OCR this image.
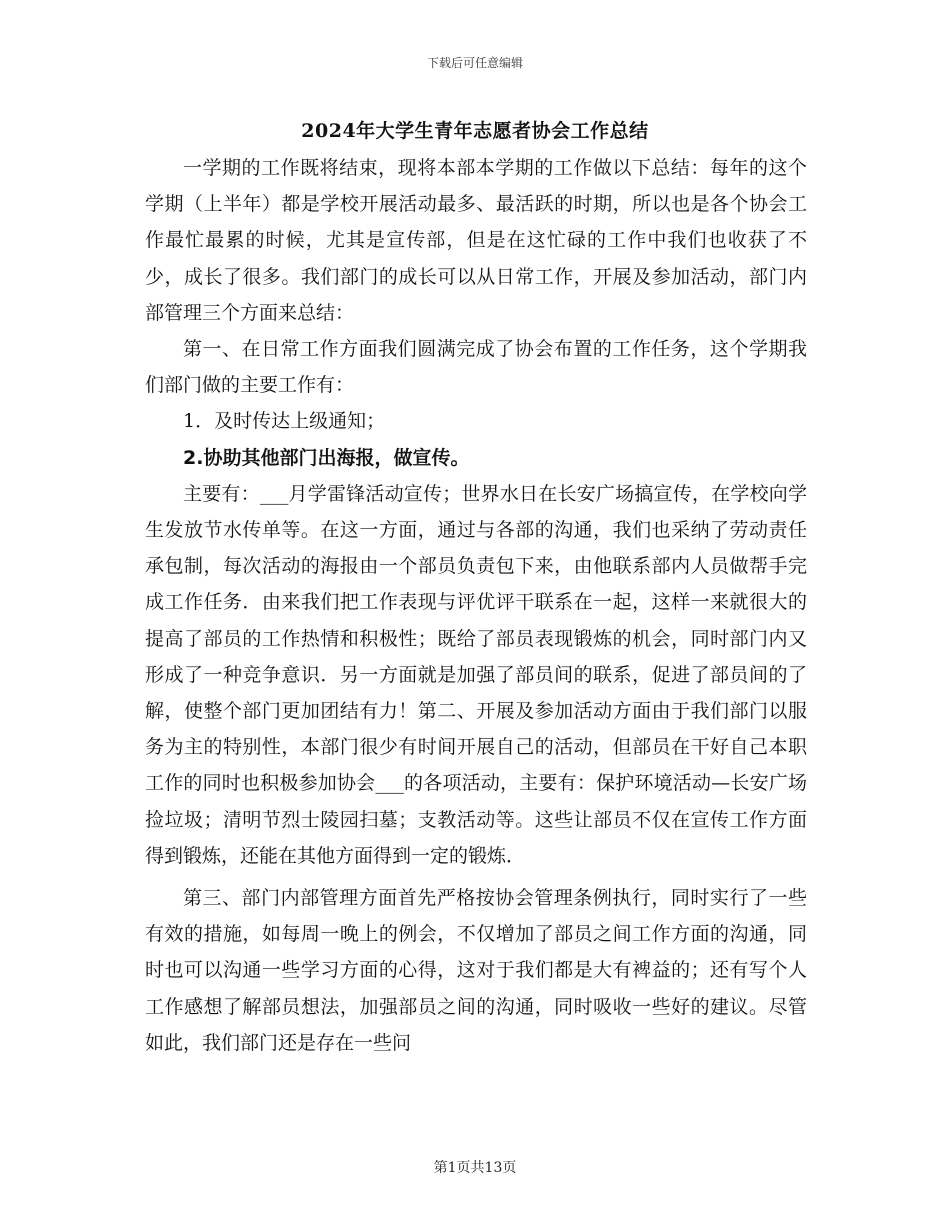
下载后可任意编辑
2024年大学生青年志愿者协会工作总结

一学期的工作既将结束，现将本部本学期的工作做以下总结：每年的这个学期（上半年）都是学校开展活动最多、最活跃的时期，所以也是各个协会工作最忙最累的时候，尤其是宣传部，但是在这忙碌的工作中我们也收获了不少，成长了很多。我们部门的成长可以从日常工作，开展及参加活动，部门内部管理三个方面来总结：

第一、在日常工作方面我们圆满完成了协会布置的工作任务，这个学期我们部门做的主要工作有：

1．及时传达上级通知；

2.协助其他部门出海报，做宣传。

主要有：___月学雷锋活动宣传；世界水日在长安广场搞宣传，在学校向学生发放节水传单等。在这一方面，通过与各部的沟通，我们也采纳了劳动责任承包制，每次活动的海报由一个部员负责包下来，由他联系部内人员做帮手完成工作任务．由来我们把工作表现与评优评干联系在一起，这样一来就很大的提高了部员的工作热情和积极性；既给了部员表现锻炼的机会，同时部门内又形成了一种竞争意识．另一方面就是加强了部员间的联系，促进了部员间的了解，使整个部门更加团结有力！第二、开展及参加活动方面由于我们部门以服务为主的特别性，本部门很少有时间开展自己的活动，但部员在干好自己本职工作的同时也积极参加协会___的各项活动，主要有：保护环境活动—长安广场捡垃圾；清明节烈士陵园扫墓；支教活动等。这些让部员不仅在宣传工作方面得到锻炼，还能在其他方面得到一定的锻炼．

第三、部门内部管理方面首先严格按协会管理条例执行，同时实行了一些有效的措施，如每周一晚上的例会，不仅增加了部员之间工作方面的沟通，同时也可以沟通一些学习方面的心得，这对于我们都是大有裨益的；还有写个人工作感想了解部员想法，加强部员之间的沟通，同时吸收一些好的建议。尽管如此，我们部门还是存在一些问

第1页共13页
